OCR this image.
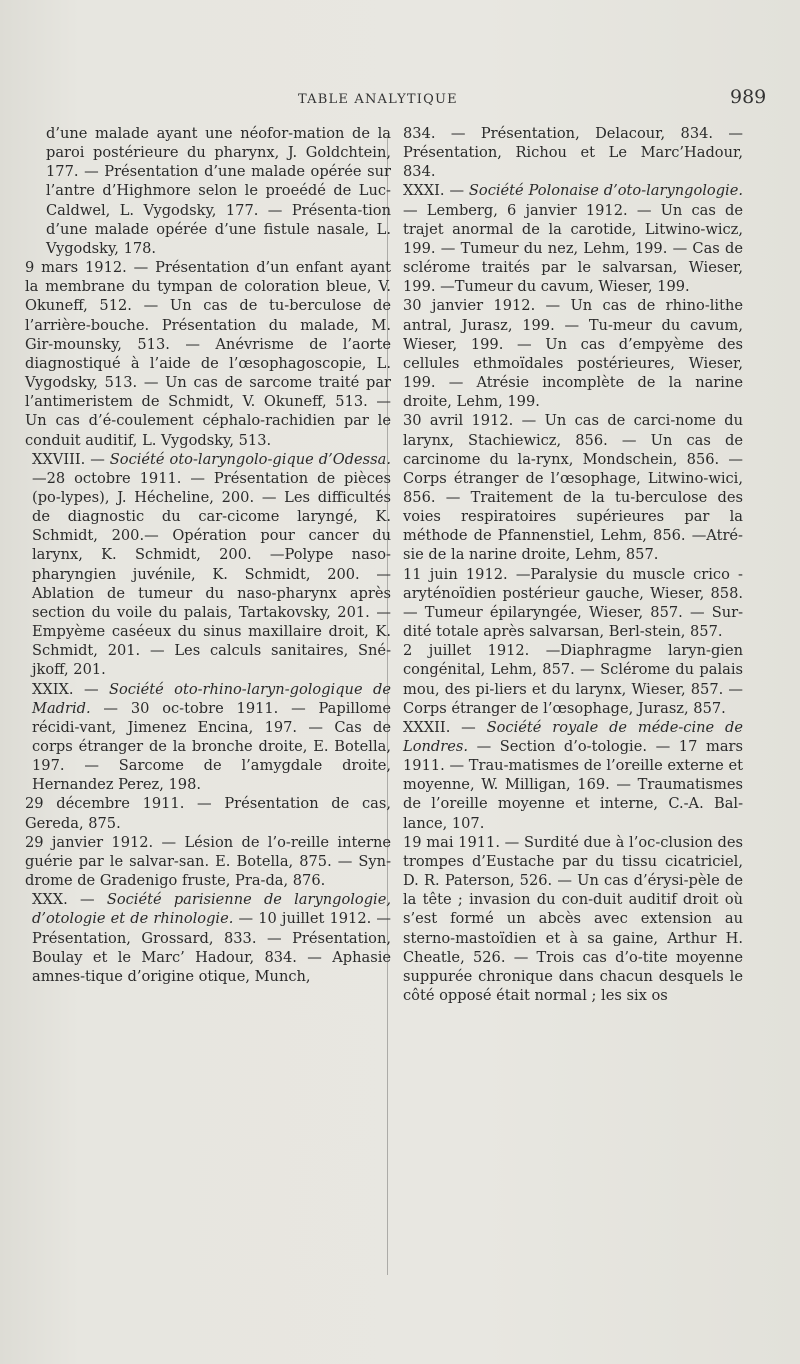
TABLE ANALYTIQUE	989

d’une malade ayant une néofor-mation de la paroi postérieure du pharynx, J. Goldchtein, 177. — Présentation d’une malade opérée sur l’antre d’Highmore selon le proeédé de Luc-Caldwel, L. Vygodsky, 177. — Présenta-tion d’une malade opérée d’une fistule nasale, L. Vygodsky, 178.

9 mars 1912. — Présentation d’un enfant ayant la membrane du tympan de coloration bleue, V. Okuneff, 512. — Un cas de tu-berculose de l’arrière-bouche. Présentation du malade, M. Gir-mounsky, 513. — Anévrisme de l’aorte diagnostiqué à l’aide de l’œsophagoscopie, L. Vygodsky, 513. — Un cas de sarcome traité par l’antimeristem de Schmidt, V. Okuneff, 513. — Un cas d’é-coulement céphalo-rachidien par le conduit auditif, L. Vygodsky, 513.

XXVIII. — Société oto-laryngolo-gique d’Odessa. —28 octobre 1911. — Présentation de pièces (po-lypes), J. Hécheline, 200. — Les difficultés de diagnostic du car-cicome laryngé, K. Schmidt, 200.— Opération pour cancer du larynx, K. Schmidt, 200. —Polype naso-pharyngien juvénile, K. Schmidt, 200. — Ablation de tumeur du naso-pharynx après section du voile du palais, Tartakovsky, 201. — Empyème caséeux du sinus maxillaire droit, K. Schmidt, 201. — Les calculs sanitaires, Sné-jkoff, 201.

XXIX. — Société oto-rhino-laryn-gologique de Madrid. — 30 oc-tobre 1911. — Papillome récidi-vant, Jimenez Encina, 197. — Cas de corps étranger de la bronche droite, E. Botella, 197. — Sarcome de l’amygdale droite, Hernandez Perez, 198.

29 décembre 1911. — Présentation de cas, Gereda, 875.

29 janvier 1912. — Lésion de l’o-reille interne guérie par le salvar-san. E. Botella, 875. — Syn-drome de Gradenigo fruste, Pra-da, 876.

XXX. — Société parisienne de laryngologie, d’otologie et de rhinologie. — 10 juillet 1912. — Présentation, Grossard, 833. — Présentation, Boulay et le Marc’ Hadour, 834. — Aphasie amnes-tique d’origine otique, Munch,

834. — Présentation, Delacour, 834. — Présentation, Richou et Le Marc’Hadour, 834.

XXXI. — Société Polonaise d’oto-laryngologie. — Lemberg, 6 janvier 1912. — Un cas de trajet anormal de la carotide, Litwino-wicz, 199. — Tumeur du nez, Lehm, 199. — Cas de sclérome traités par le salvarsan, Wieser, 199. —Tumeur du cavum, Wieser, 199.

30 janvier 1912. — Un cas de rhino-lithe antral, Jurasz, 199. — Tu-meur du cavum, Wieser, 199. — Un cas d’empyème des cellules ethmoïdales postérieures, Wieser, 199. — Atrésie incomplète de la narine droite, Lehm, 199.

30 avril 1912. — Un cas de carci-nome du larynx, Stachiewicz, 856. — Un cas de carcinome du la-rynx, Mondschein, 856. — Corps étranger de l’œsophage, Litwino-wici, 856. — Traitement de la tu-berculose des voies respiratoires supérieures par la méthode de Pfannenstiel, Lehm, 856. —Atré-sie de la narine droite, Lehm, 857.

11 juin 1912. —Paralysie du muscle crico - aryténoïdien postérieur gauche, Wieser, 858. — Tumeur épilaryngée, Wieser, 857. — Sur-dité totale après salvarsan, Berl-stein, 857.

2 juillet 1912. —Diaphragme laryn-gien congénital, Lehm, 857. — Sclérome du palais mou, des pi-liers et du larynx, Wieser, 857. — Corps étranger de l’œsophage, Jurasz, 857.

XXXII. — Société royale de méde-cine de Londres. — Section d’o-tologie. — 17 mars 1911. — Trau-matismes de l’oreille externe et moyenne, W. Milligan, 169. — Traumatismes de l’oreille moyenne et interne, C.-A. Bal-lance, 107.

19 mai 1911. — Surdité due à l’oc-clusion des trompes d’Eustache par du tissu cicatriciel, D. R. Paterson, 526. — Un cas d’érysi-pèle de la tête ; invasion du con-duit auditif droit où s’est formé un abcès avec extension au sterno-mastoïdien et à sa gaine, Arthur H. Cheatle, 526. — Trois cas d’o-tite moyenne suppurée chronique dans chacun desquels le côté opposé était normal ; les six os
